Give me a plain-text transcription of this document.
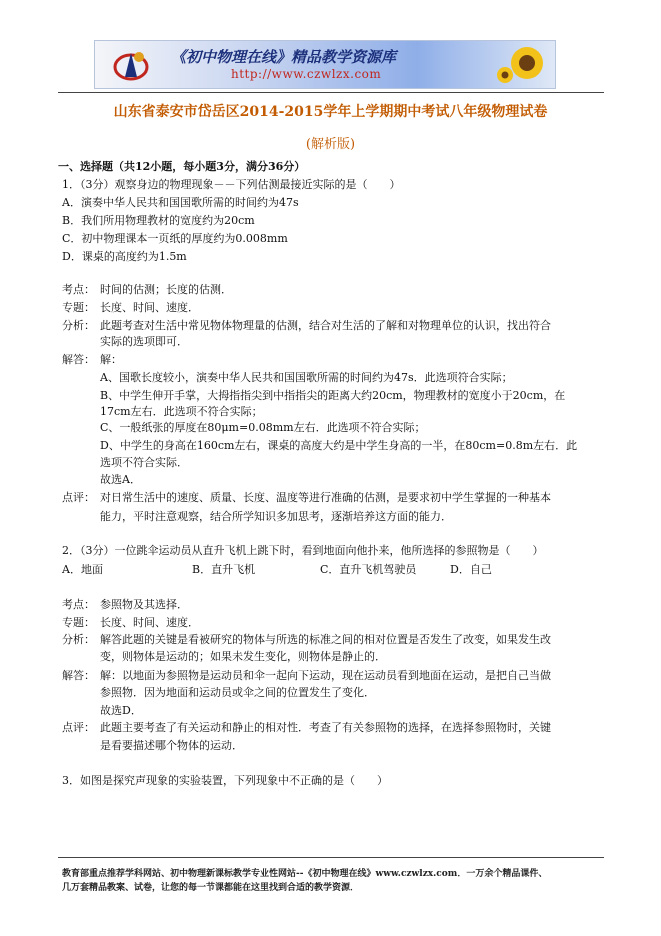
《初中物理在线》精品教学资源库
http://www.czwlzx.com
山东省泰安市岱岳区2014-2015学年上学期期中考试八年级物理试卷
(解析版)
一、选择题（共12小题，每小题3分，满分36分）
1．（3分）观察身边的物理现象－－下列估测最接近实际的是（　　）
A．演奏中华人民共和国国歌所需的时间约为47s
B．我们所用物理教材的宽度约为20cm
C．初中物理课本一页纸的厚度约为0.008mm
D．课桌的高度约为1.5m
考点： 时间的估测；长度的估测．
专题： 长度、时间、速度．
分析： 此题考查对生活中常见物体物理量的估测，结合对生活的了解和对物理单位的认识，找出符合
实际的选项即可．
解答： 解：
A、国歌长度较小，演奏中华人民共和国国歌所需的时间约为47s．此选项符合实际；
B、中学生伸开手掌，大拇指指尖到中指指尖的距离大约20cm，物理教材的宽度小于20cm，在
17cm左右．此选项不符合实际；
C、一般纸张的厚度在80μm=0.08mm左右．此选项不符合实际；
D、中学生的身高在160cm左右，课桌的高度大约是中学生身高的一半，在80cm=0.8m左右．此
选项不符合实际．
故选A．
点评： 对日常生活中的速度、质量、长度、温度等进行准确的估测，是要求初中学生掌握的一种基本
能力，平时注意观察，结合所学知识多加思考，逐渐培养这方面的能力．
2．（3分）一位跳伞运动员从直升飞机上跳下时，看到地面向他扑来，他所选择的参照物是（　　）
A．地面	B．直升飞机	C．直升飞机驾驶员	D．自己
考点： 参照物及其选择．
专题： 长度、时间、速度．
分析： 解答此题的关键是看被研究的物体与所选的标准之间的相对位置是否发生了改变，如果发生改
变，则物体是运动的；如果未发生变化，则物体是静止的．
解答： 解：以地面为参照物是运动员和伞一起向下运动，现在运动员看到地面在运动，是把自己当做
参照物．因为地面和运动员或伞之间的位置发生了变化．
故选D．
点评： 此题主要考查了有关运动和静止的相对性．考查了有关参照物的选择，在选择参照物时，关键
是看要描述哪个物体的运动．
3．如图是探究声现象的实验装置，下列现象中不正确的是（　　）
教育部重点推荐学科网站、初中物理新课标教学专业性网站--《初中物理在线》www.czwlzx.com．一万余个精品课件、
几万套精品教案、试卷，让您的每一节课都能在这里找到合适的教学资源．
